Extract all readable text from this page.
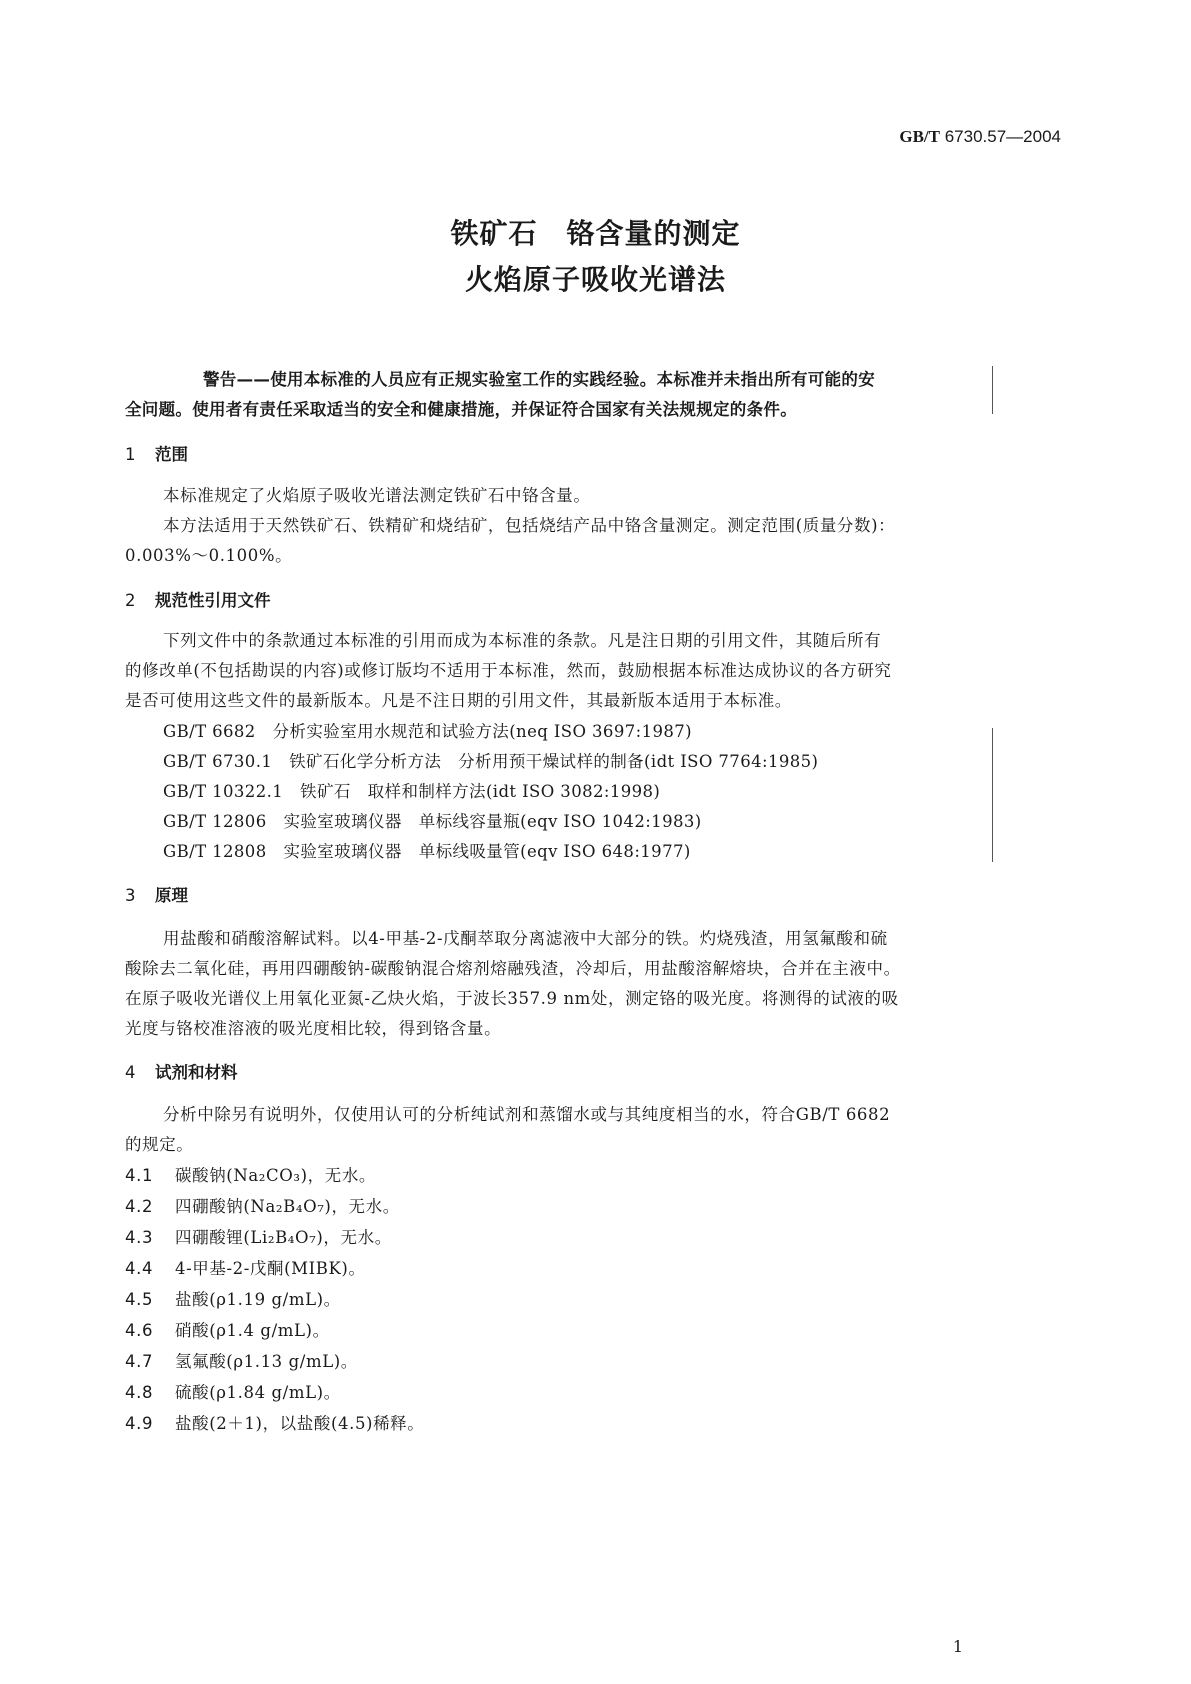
GB/T 6730.57—2004
铁矿石　铬含量的测定
火焰原子吸收光谱法
警告——使用本标准的人员应有正规实验室工作的实践经验。本标准并未指出所有可能的安
全问题。使用者有责任采取适当的安全和健康措施，并保证符合国家有关法规规定的条件。
1 范围
本标准规定了火焰原子吸收光谱法测定铁矿石中铬含量。
本方法适用于天然铁矿石、铁精矿和烧结矿，包括烧结产品中铬含量测定。测定范围(质量分数)：
0.003%～0.100%。
2 规范性引用文件
下列文件中的条款通过本标准的引用而成为本标准的条款。凡是注日期的引用文件，其随后所有
的修改单(不包括勘误的内容)或修订版均不适用于本标准，然而，鼓励根据本标准达成协议的各方研究
是否可使用这些文件的最新版本。凡是不注日期的引用文件，其最新版本适用于本标准。
GB/T 6682　分析实验室用水规范和试验方法(neq ISO 3697:1987)
GB/T 6730.1　铁矿石化学分析方法　分析用预干燥试样的制备(idt ISO 7764:1985)
GB/T 10322.1　铁矿石　取样和制样方法(idt ISO 3082:1998)
GB/T 12806　实验室玻璃仪器　单标线容量瓶(eqv ISO 1042:1983)
GB/T 12808　实验室玻璃仪器　单标线吸量管(eqv ISO 648:1977)
3 原理
用盐酸和硝酸溶解试料。以4-甲基-2-戊酮萃取分离滤液中大部分的铁。灼烧残渣，用氢氟酸和硫
酸除去二氧化硅，再用四硼酸钠-碳酸钠混合熔剂熔融残渣，冷却后，用盐酸溶解熔块，合并在主液中。
在原子吸收光谱仪上用氧化亚氮-乙炔火焰，于波长357.9 nm处，测定铬的吸光度。将测得的试液的吸
光度与铬校准溶液的吸光度相比较，得到铬含量。
4 试剂和材料
分析中除另有说明外，仅使用认可的分析纯试剂和蒸馏水或与其纯度相当的水，符合GB/T 6682
的规定。
4.1 碳酸钠(Na₂CO₃)，无水。
4.2 四硼酸钠(Na₂B₄O₇)，无水。
4.3 四硼酸锂(Li₂B₄O₇)，无水。
4.4 4-甲基-2-戊酮(MIBK)。
4.5 盐酸(ρ1.19 g/mL)。
4.6 硝酸(ρ1.4 g/mL)。
4.7 氢氟酸(ρ1.13 g/mL)。
4.8 硫酸(ρ1.84 g/mL)。
4.9 盐酸(2＋1)，以盐酸(4.5)稀释。
1
